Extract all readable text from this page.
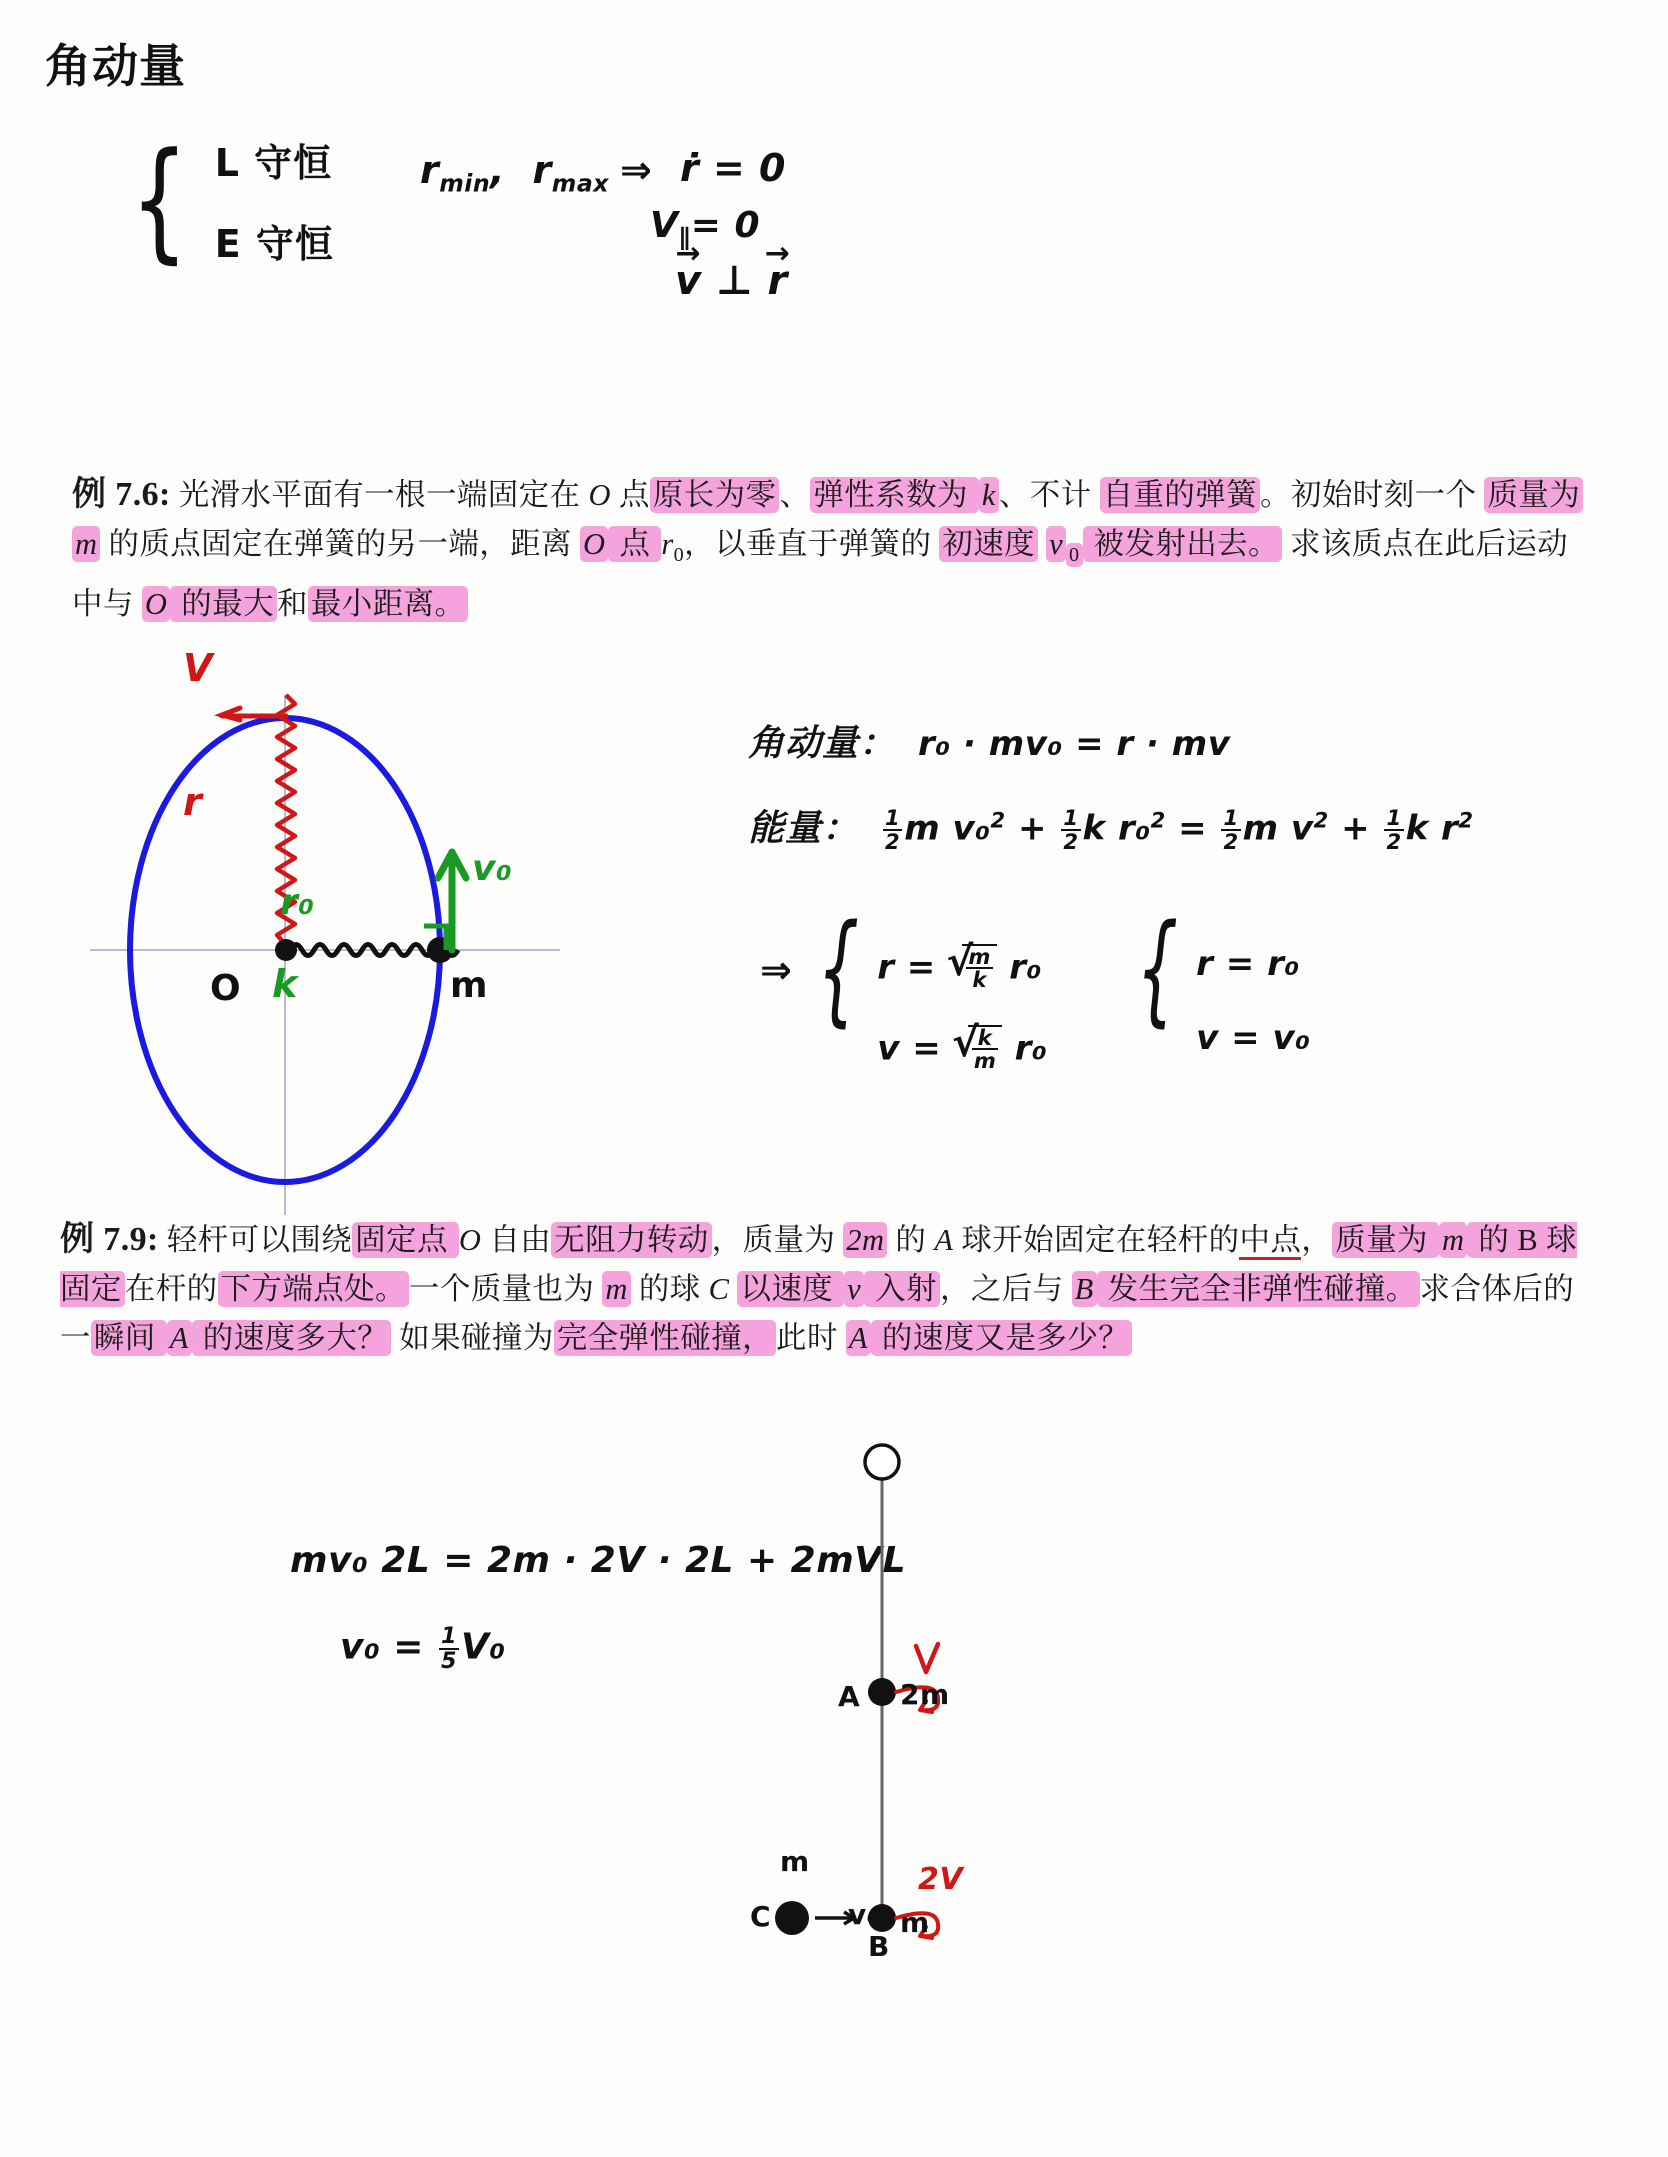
角动量
{ L 守恒
E 守恒
$r_{min}$, $r_{max}$ ⇒ ṙ = 0
$V_\parallel= 0$
v → ⊥ r →
例 7.6: 光滑水平面有一根一端固定在 O 点原长为零、弹性系数为 k、不计 自重的弹簧。初始时刻一个 质量为 m 的质点固定在弹簧的另一端，距离 O 点 $r_0$，以垂直于弹簧的 初速度 v $_0$ 被发射出去。 求该质点在此后运动中与 O 的最大和最小距离。
V
r
r₀
k
v₀
O	m
角动量： r₀ · mv₀ = r · mv
能量： $\frac{1}{2}$ m $v_0^2 + \frac{1}{2}$ k $r_0^2 = \frac{1}{2}$ m $v^2 + \frac{1}{2}$ k $r^2$
⇒ { r = √ $\frac{m}{k} r_0$
v = √ $\frac{k}{m} r_0$
{ r = r₀
v = v₀
例 7.9: 轻杆可以围绕固定点 O 自由无阻力转动，质量为 2m 的 A 球开始固定在轻杆的中点，质量为 m 的 B 球固定在杆的下方端点处。一个质量也为 m 的球 C 以速度 v 入射，之后与 B 发生完全非弹性碰撞。求合体后的一瞬间 A 的速度多大？ 如果碰撞为完全弹性碰撞，此时 A 的速度又是多少？
mv₀ 2L = 2m · 2V · 2L + 2mVL
$v_0 = \frac{1}{5} V_0$
A 2m
2V
m
B
C
m
v₀
